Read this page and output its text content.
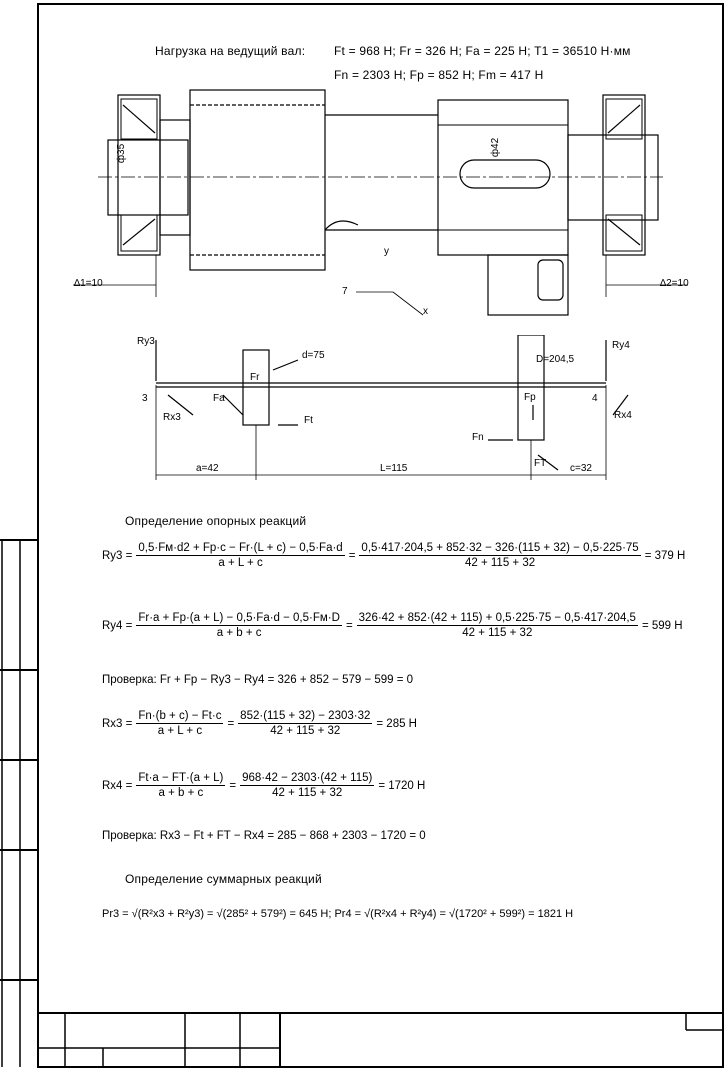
Нагрузка на ведущий вал: Ft = 968 H; Fr = 326 H; Fa = 225 H; T1 = 36510 Н·мм
Fn = 2303 H; Fp = 852 H; Fm = 417 H
ф35	ф42
∆1=10	∆2=10
y
7
x
Ry3
Rx3
3
d=75
Fr
Fa
Ft
D=204,5
Fp
Fn
FT
Ry4
4
Rx4
a=42	L=115	c=32
Определение опорных реакций
$Ry3 = \frac{0,5\cdot Fм\cdot d2 + Fр\cdot c - Fr\cdot(L + c) - 0,5\cdot Fa\cdot d}{a + L + c} = \frac{0,5\cdot 417\cdot 204,5 + 852\cdot 32 - 326\cdot(115 + 32) - 0,5\cdot 225\cdot 75}{42 + 115 + 32} = 379$ H
$Ry4 = \frac{Fr\cdot a + Fр\cdot(a + L) - 0,5\cdot Fa\cdot d - 0,5\cdot Fм\cdot D}{a + b + c} = \frac{326\cdot 42 + 852\cdot(42 + 115) + 0,5\cdot 225\cdot 75 - 0,5\cdot 417\cdot 204,5}{42 + 115 + 32} = 599$ H
Проверка: Fr + Fр − Ry3 − Ry4 = 326 + 852 − 579 − 599 = 0
$Rx3 = \frac{Fn\cdot(b + c) - Ft\cdot c}{a + L + c} = \frac{852\cdot(115 + 32) - 2303\cdot 32}{42 + 115 + 32} = 285$ H
$Rx4 = \frac{Ft\cdot a - FT\cdot(a + L)}{a + b + c} = \frac{968\cdot 42 - 2303\cdot(42 + 115)}{42 + 115 + 32} = 1720$ H
Проверка: Rx3 − Ft + FT − Rx4 = 285 − 868 + 2303 − 1720 = 0
Определение суммарных реакций
Pr3 = √(R²x3 + R²y3) = √(285² + 579²) = 645 H; Pr4 = √(R²x4 + R²y4) = √(1720² + 599²) = 1821 H
